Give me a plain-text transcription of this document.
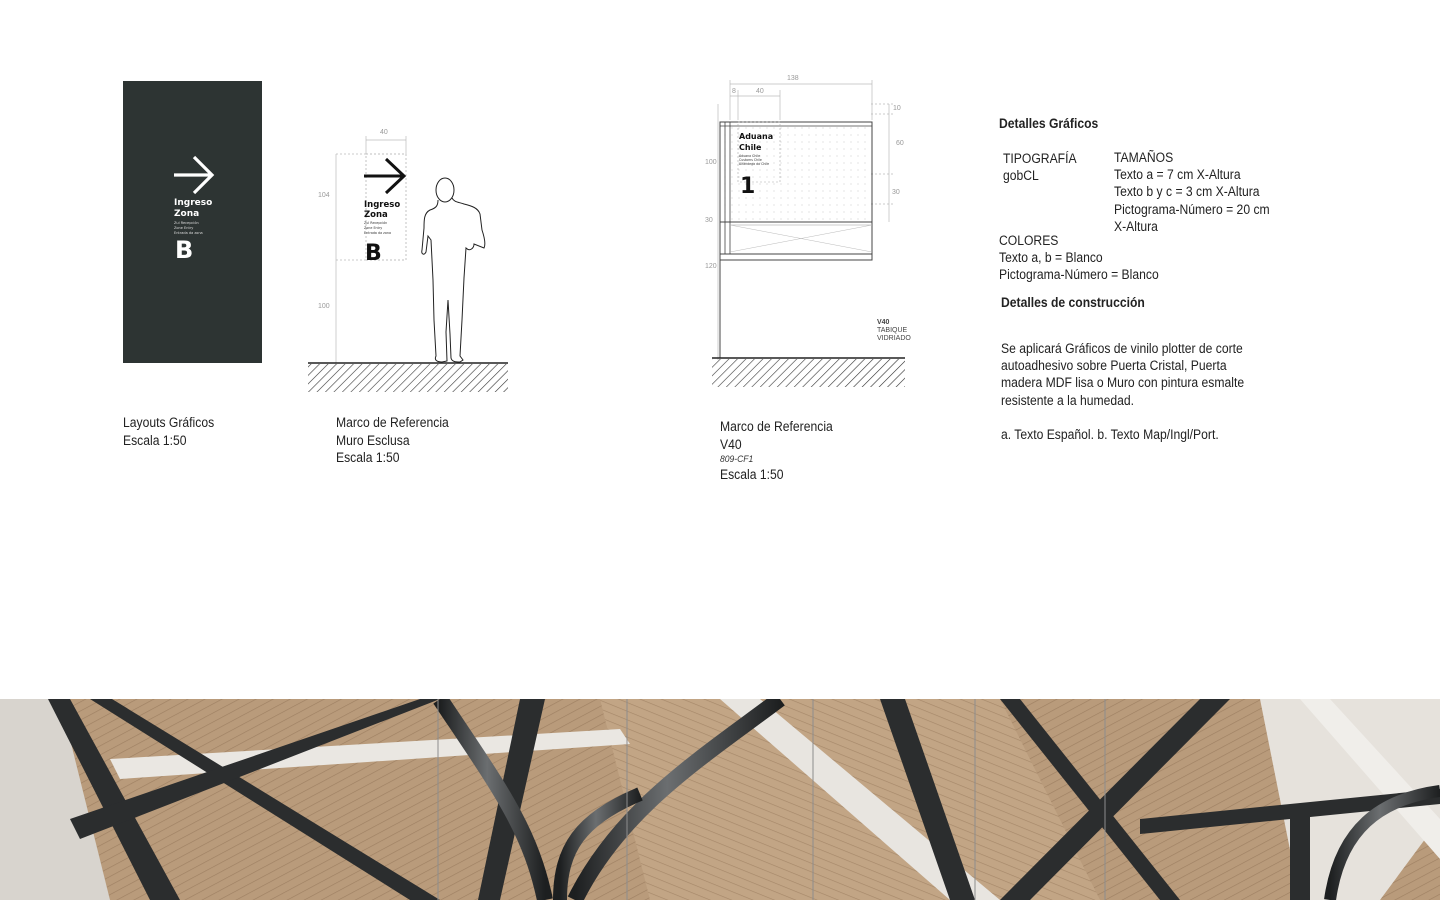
Ingreso
Zona
Zul Recepción
Zone Entry
Entrada da zona
B
Layouts Gráficos
Escala 1:50
40
104
100
Ingreso
Zona
Zul Recepción
Zone Entry
Entrada da zona
B
Marco de Referencia
Muro Esclusa
Escala 1:50
138
8	40
10
60
30
100
30
120
Aduana
Chile
Aduana Chile
Customs Chile
Alfândega do Chile
1
V40
TABIQUE
VIDRIADO
Marco de Referencia
V40
809-CF1
Escala 1:50
Detalles Gráficos
TIPOGRAFÍA
gobCL
TAMAÑOS
Texto a = 7 cm X-Altura
Texto b y c = 3 cm X-Altura
Pictograma-Número = 20 cm
X-Altura
COLORES
Texto a, b = Blanco
Pictograma-Número = Blanco
Detalles de construcción
Se aplicará Gráficos de vinilo plotter de corte
autoadhesivo sobre Puerta Cristal, Puerta
madera MDF lisa o Muro con pintura esmalte
resistente a la humedad.
a. Texto Español. b. Texto Map/Ingl/Port.
